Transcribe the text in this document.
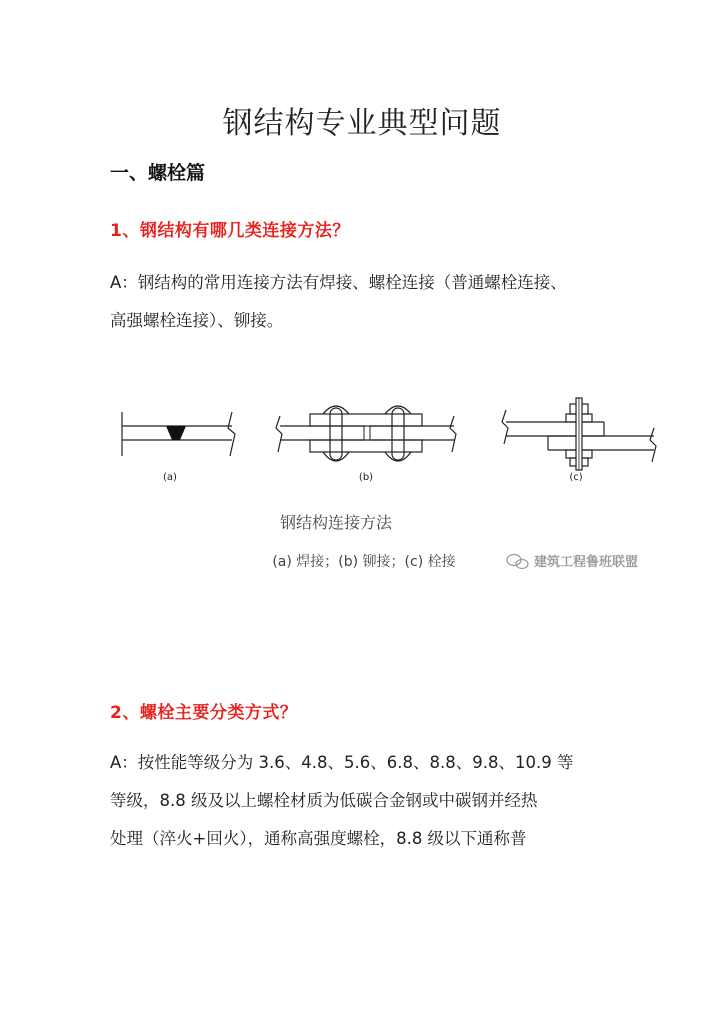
钢结构专业典型问题
一、螺栓篇
1、钢结构有哪几类连接方法？

A：钢结构的常用连接方法有焊接、螺栓连接（普通螺栓连接、
高强螺栓连接）、铆接。

(a)	(b)	(c)
钢结构连接方法
(a) 焊接；(b) 铆接；(c) 栓接	建筑工程鲁班联盟
2、螺栓主要分类方式？

A：按性能等级分为 3.6、4.8、5.6、6.8、8.8、9.8、10.9 等
等级，8.8 级及以上螺栓材质为低碳合金钢或中碳钢并经热
处理（淬火+回火），通称高强度螺栓，8.8 级以下通称普
